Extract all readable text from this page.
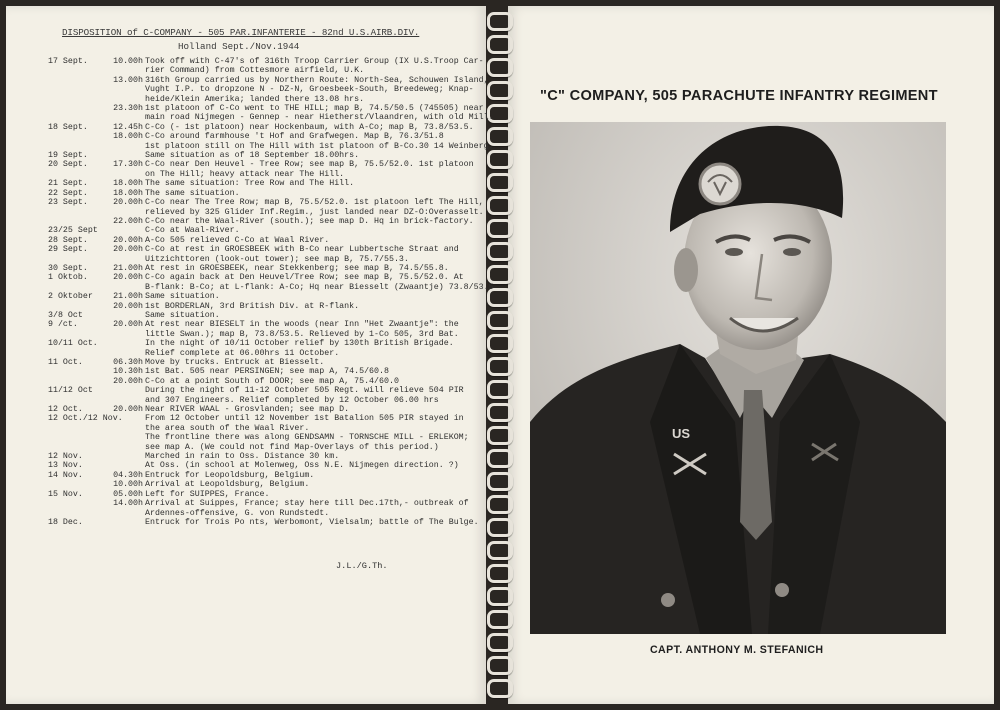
DISPOSITION of C-COMPANY - 505 PAR.INFANTERIE - 82nd U.S.AIRB.DIV.
Holland Sept./Nov.1944
17 Sept.	10.00h Took off with C-47's of 316th Troop Carrier Group (IX U.S.Troop Car-
rier Command) from Cottesmore airfield, U.K.
13.00h 316th Group carried us by Northern Route: North-Sea, Schouwen Island,
Vught I.P. to dropzone N - DZ-N, Groesbeek-South, Breedeweg; Knap-
heide/Klein Amerika; landed there 13.08 hrs.
23.30h 1st platoon of C-Co went to THE HILL; map B, 74.5/50.5 (745505) near
main road Nijmegen - Gennep - near Hietherst/Vlaandren, with old Mill.
18 Sept.	12.45h C-Co (- 1st platoon) near Hockenbaum, with A-Co; map B, 73.8/53.5.
18.00h C-Co around farmhouse 't Hof and Grafwegen. Map B, 76.3/51.8
1st platoon still on The Hill with 1st platoon of B-Co.30 14 Weinberg.
19 Sept.	Same situation as of 18 September 18.00hrs.
20 Sept.	17.30h C-Co near Den Heuvel - Tree Row; see map B, 75.5/52.0. 1st platoon
on The Hill; heavy attack near The Hill.
21 Sept.	18.00h The same situation: Tree Row and The Hill.
22 Sept.	18.00h The same situation.
23 Sept.	20.00h C-Co near The Tree Row; map B, 75.5/52.0. 1st platoon left The Hill,
relieved by 325 Glider Inf.Regim., just landed near DZ-O:Overasselt.
22.00h C-Co near the Waal-River (south.); see map D. Hq in brick-factory.
23/25 Sept	C-Co at Waal-River.
28 Sept.	20.00h A-Co 505 relieved C-Co at Waal River.
29 Sept.	20.00h C-Co at rest in GROESBEEK with B-Co near Lubbertsche Straat and
Uitzichttoren (look-out tower); see map B, 75.7/55.3.
30 Sept.	21.00h At rest in GROESBEEK, near Stekkenberg; see map B, 74.5/55.8.
1 Oktob.	20.00h C-Co again back at Den Heuvel/Tree Row; see map B, 75.5/52.0. At
B-flank: B-Co; at L-flank: A-Co; Hq near Biesselt (Zwaantje) 73.8/53.5
2 Oktober	21.00h Same situation.
20.00h 1st BORDERLAN, 3rd British Div. at R-flank.
3/8 Oct	Same situation.
9 /ct.	20.00h At rest near BIESELT in the woods (near Inn "Het Zwaantje": the
little Swan.); map B, 73.8/53.5. Relieved by 1-Co 505, 3rd Bat.
10/11 Oct.	In the night of 10/11 October relief by 130th British Brigade.
Relief complete at 06.00hrs 11 October.
11 Oct.	06.30h Move by trucks. Entruck at Biesselt.
10.30h 1st Bat. 505 near PERSINGEN; see map A, 74.5/60.8
20.00h C-Co at a point South of DOOR; see map A, 75.4/60.0
11/12 Oct	During the night of 11-12 October 505 Regt. will relieve 504 PIR
and 307 Engineers. Relief completed by 12 October 06.00 hrs
12 Oct.	20.00h Near RIVER WAAL - Grosvlanden; see map D.
12 Oct./12 Nov.	From 12 October until 12 November 1st Batalion 505 PIR stayed in
the area south of the Waal River.
The frontline there was along GENDSAMN - TORNSCHE MILL - ERLEKOM;
see map A. (We could not find Map-Overlays of this period.)
12 Nov.	Marched in rain to Oss. Distance 30 km.
13 Nov.	At Oss. (in school at Molenweg, Oss N.E. Nijmegen direction. ?)
14 Nov.	04.30h Entruck for Leopoldsburg, Belgium.
10.00h Arrival at Leopoldsburg, Belgium.
15 Nov.	05.00h Left for SUIPPES, France.
14.00h Arrival at Suippes, France; stay here till Dec.17th,- outbreak of
Ardennes-offensive, G. von Rundstedt.
18 Dec.	Entruck for Trois Po nts, Werbomont, Vielsalm; battle of The Bulge.
J.L./G.Th.
"C" COMPANY, 505 PARACHUTE INFANTRY REGIMENT
US
CAPT. ANTHONY M. STEFANICH
